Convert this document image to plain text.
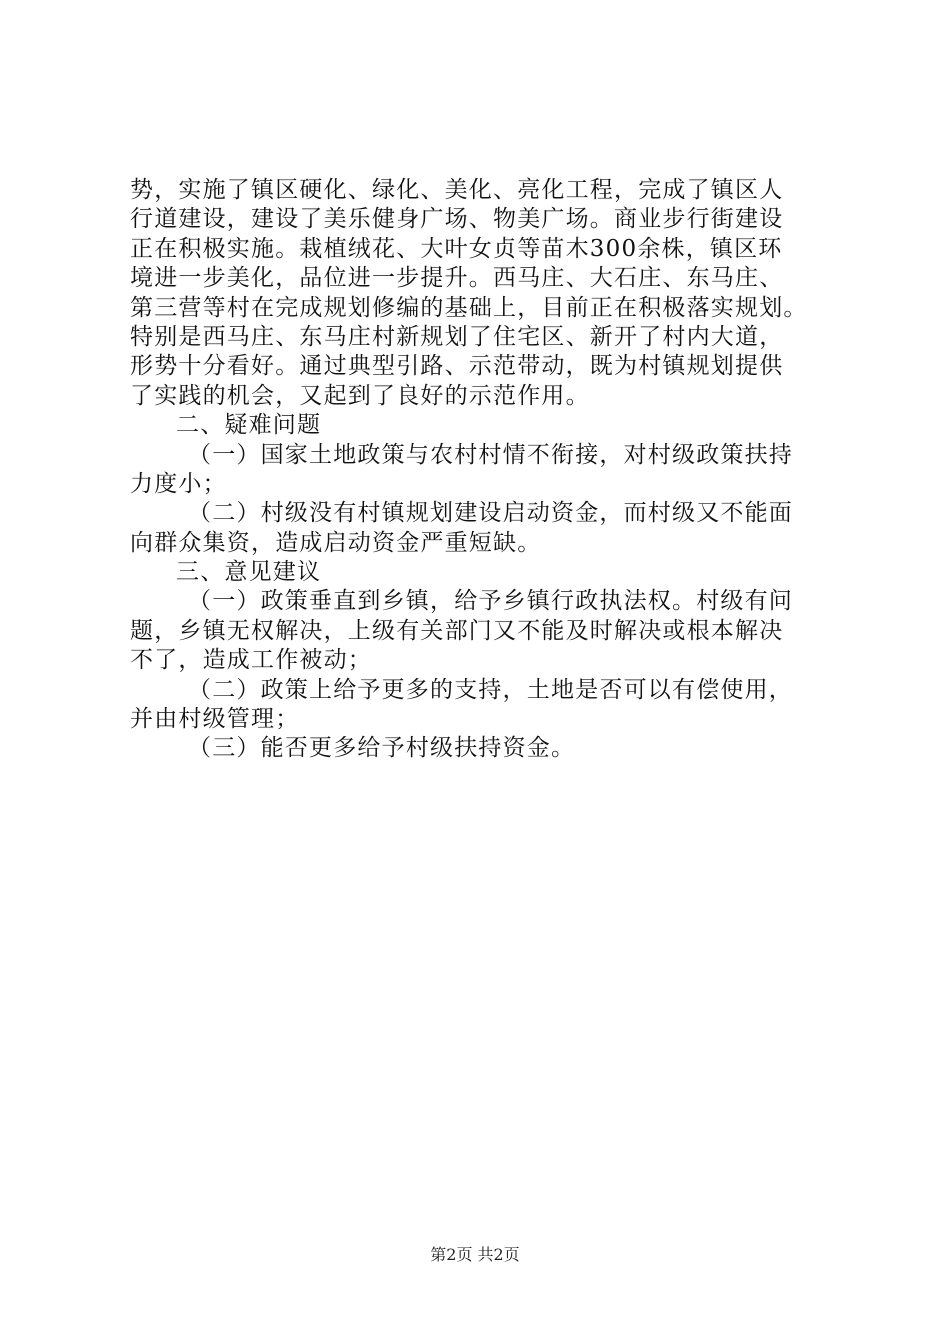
势，实施了镇区硬化、绿化、美化、亮化工程，完成了镇区人
行道建设，建设了美乐健身广场、物美广场。商业步行街建设
正在积极实施。栽植绒花、大叶女贞等苗木300余株，镇区环
境进一步美化，品位进一步提升。西马庄、大石庄、东马庄、
第三营等村在完成规划修编的基础上，目前正在积极落实规划。
特别是西马庄、东马庄村新规划了住宅区、新开了村内大道，
形势十分看好。通过典型引路、示范带动，既为村镇规划提供
了实践的机会，又起到了良好的示范作用。
二、疑难问题
（一）国家土地政策与农村村情不衔接，对村级政策扶持
力度小；
（二）村级没有村镇规划建设启动资金，而村级又不能面
向群众集资，造成启动资金严重短缺。
三、意见建议
（一）政策垂直到乡镇，给予乡镇行政执法权。村级有问
题，乡镇无权解决，上级有关部门又不能及时解决或根本解决
不了，造成工作被动；
（二）政策上给予更多的支持，土地是否可以有偿使用，
并由村级管理；
（三）能否更多给予村级扶持资金。
第2页 共2页
